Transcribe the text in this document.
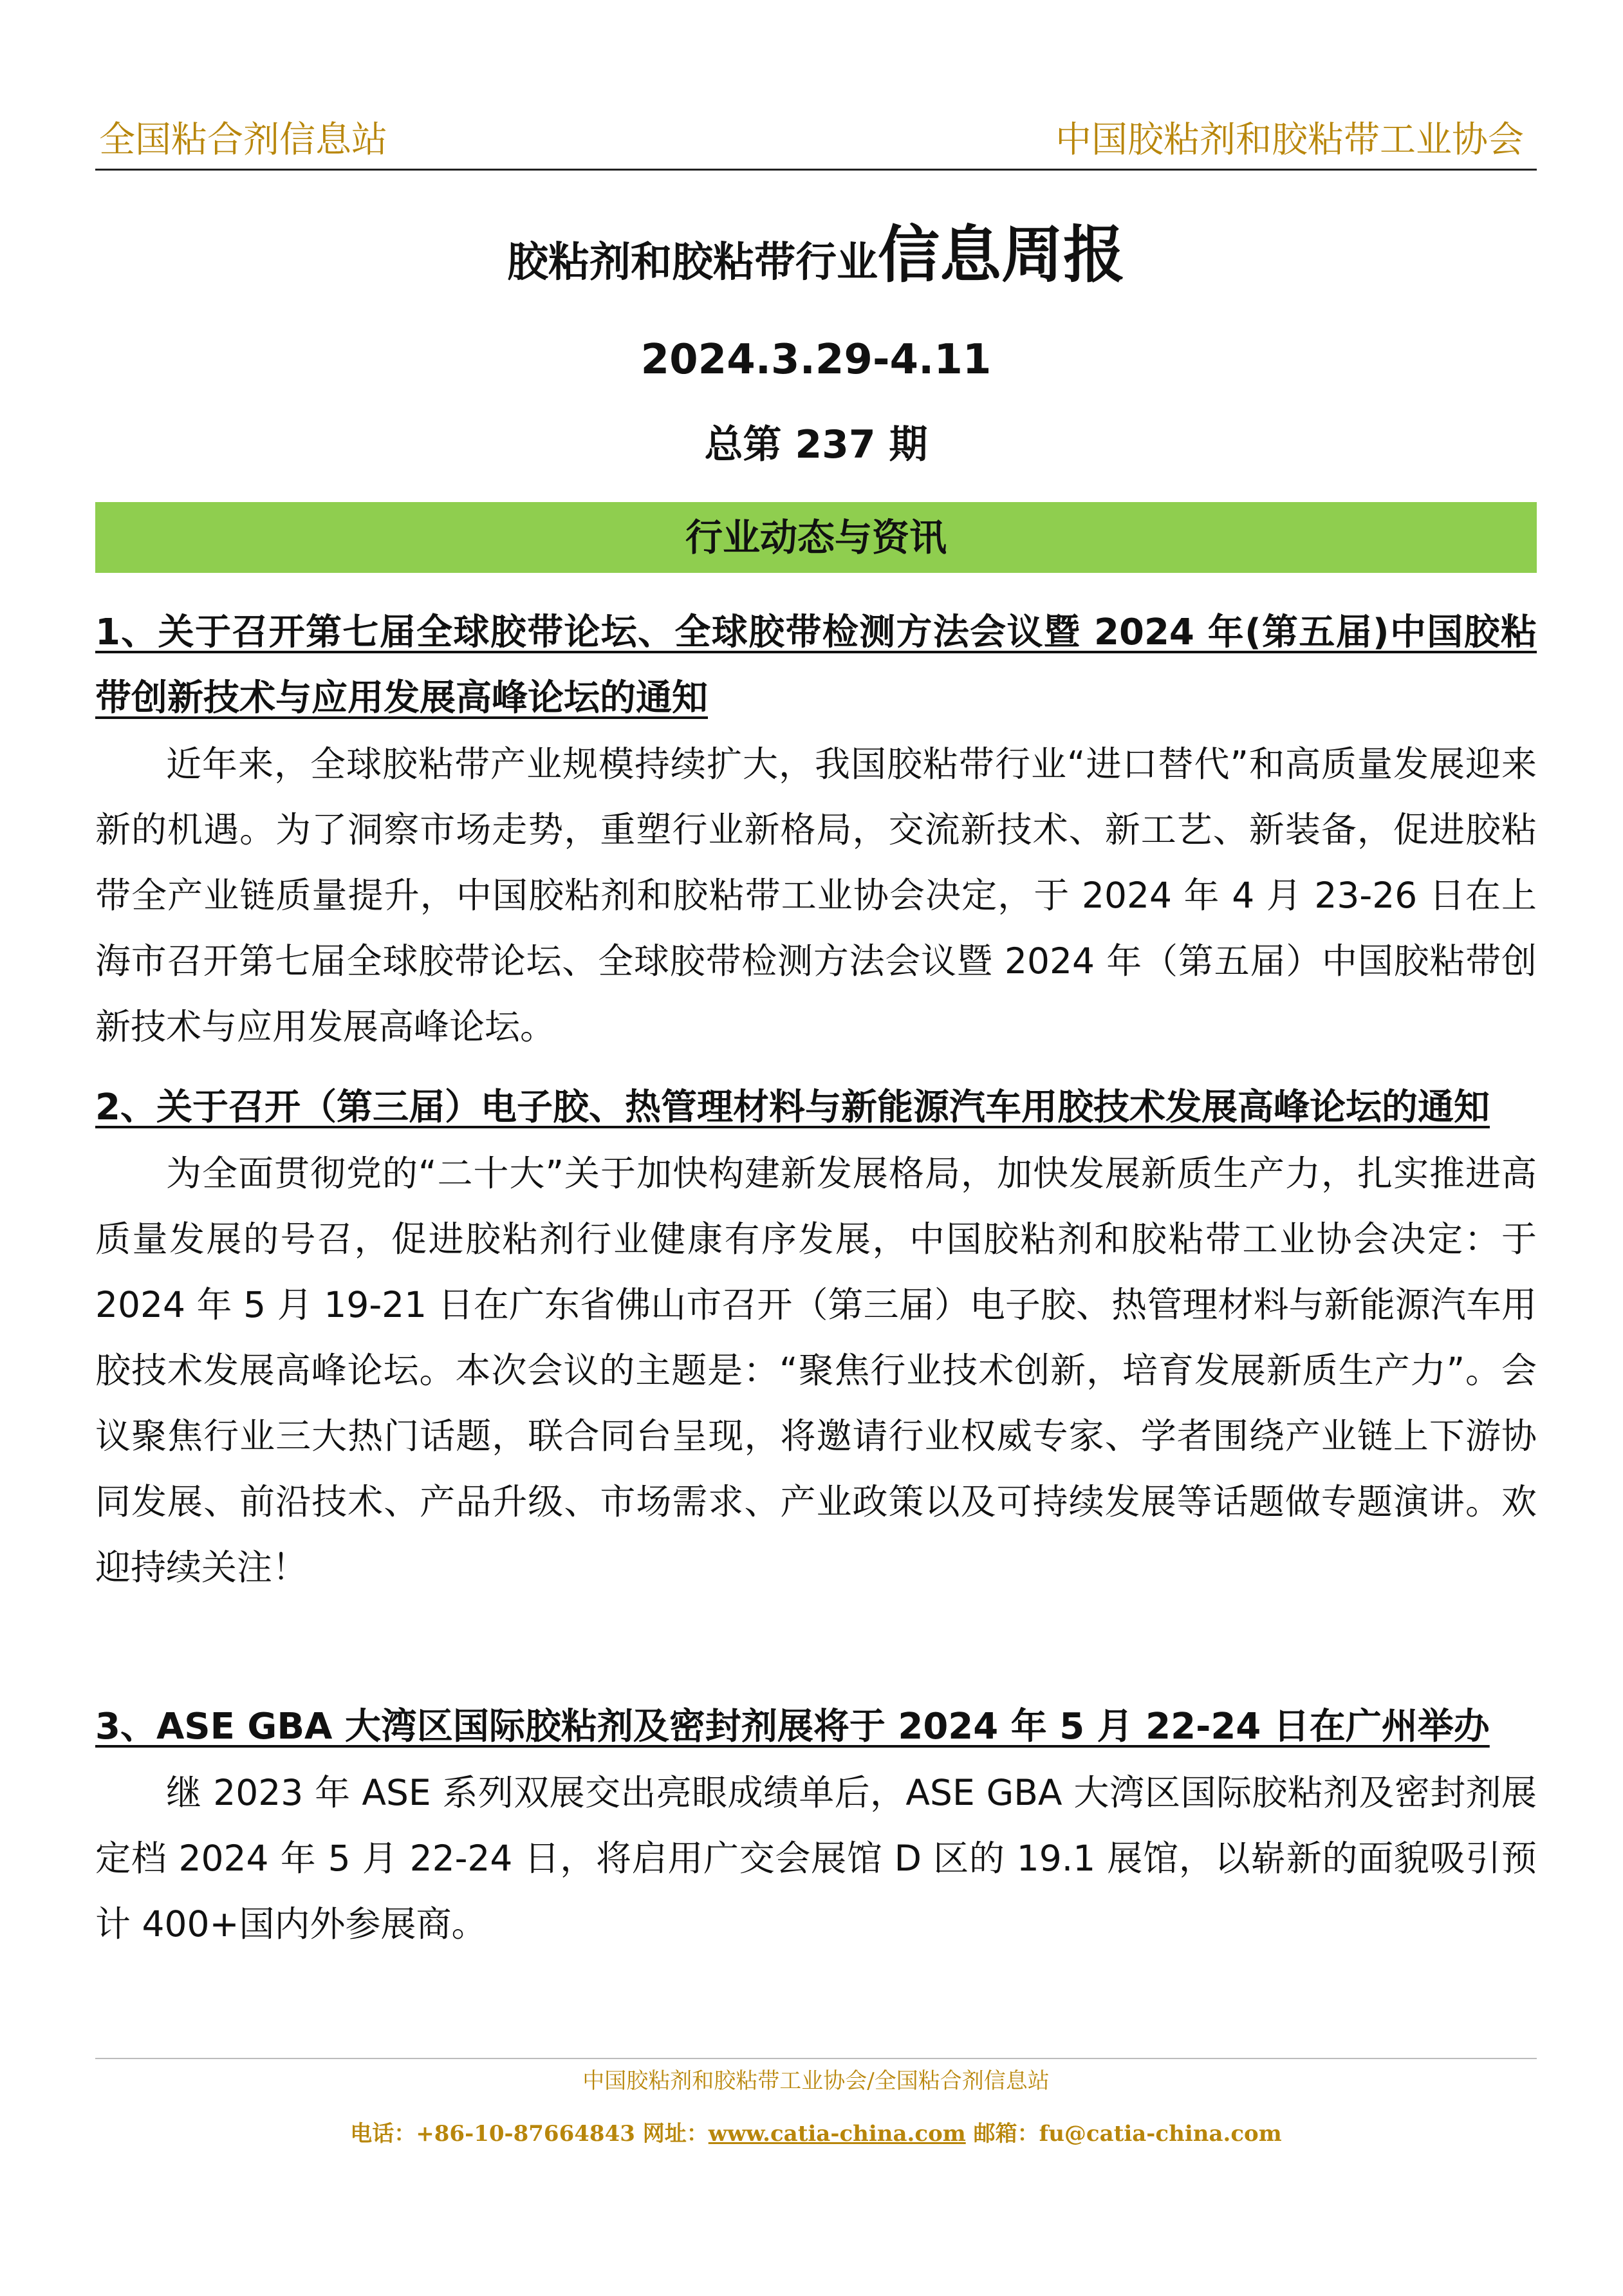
全国粘合剂信息站	中国胶粘剂和胶粘带工业协会
胶粘剂和胶粘带行业信息周报
2024.3.29-4.11
总第 237 期
行业动态与资讯
1、关于召开第七届全球胶带论坛、全球胶带检测方法会议暨 2024 年(第五届)中国胶粘带创新技术与应用发展高峰论坛的通知
近年来，全球胶粘带产业规模持续扩大，我国胶粘带行业“进口替代”和高质量发展迎来新的机遇。为了洞察市场走势，重塑行业新格局，交流新技术、新工艺、新装备，促进胶粘带全产业链质量提升，中国胶粘剂和胶粘带工业协会决定，于 2024 年 4 月 23-26 日在上海市召开第七届全球胶带论坛、全球胶带检测方法会议暨 2024 年（第五届）中国胶粘带创新技术与应用发展高峰论坛。
2、关于召开（第三届）电子胶、热管理材料与新能源汽车用胶技术发展高峰论坛的通知
为全面贯彻党的“二十大”关于加快构建新发展格局，加快发展新质生产力，扎实推进高质量发展的号召，促进胶粘剂行业健康有序发展，中国胶粘剂和胶粘带工业协会决定：于 2024 年 5 月 19-21 日在广东省佛山市召开（第三届）电子胶、热管理材料与新能源汽车用胶技术发展高峰论坛。本次会议的主题是：“聚焦行业技术创新，培育发展新质生产力”。会议聚焦行业三大热门话题，联合同台呈现，将邀请行业权威专家、学者围绕产业链上下游协同发展、前沿技术、产品升级、市场需求、产业政策以及可持续发展等话题做专题演讲。欢迎持续关注！
3、ASE GBA 大湾区国际胶粘剂及密封剂展将于 2024 年 5 月 22-24 日在广州举办
继 2023 年 ASE 系列双展交出亮眼成绩单后，ASE GBA 大湾区国际胶粘剂及密封剂展定档 2024 年 5 月 22-24 日，将启用广交会展馆 D 区的 19.1 展馆，以崭新的面貌吸引预计 400+国内外参展商。
中国胶粘剂和胶粘带工业协会/全国粘合剂信息站
电话：+86-10-87664843 网址：www.catia-china.com 邮箱：fu@catia-china.com
